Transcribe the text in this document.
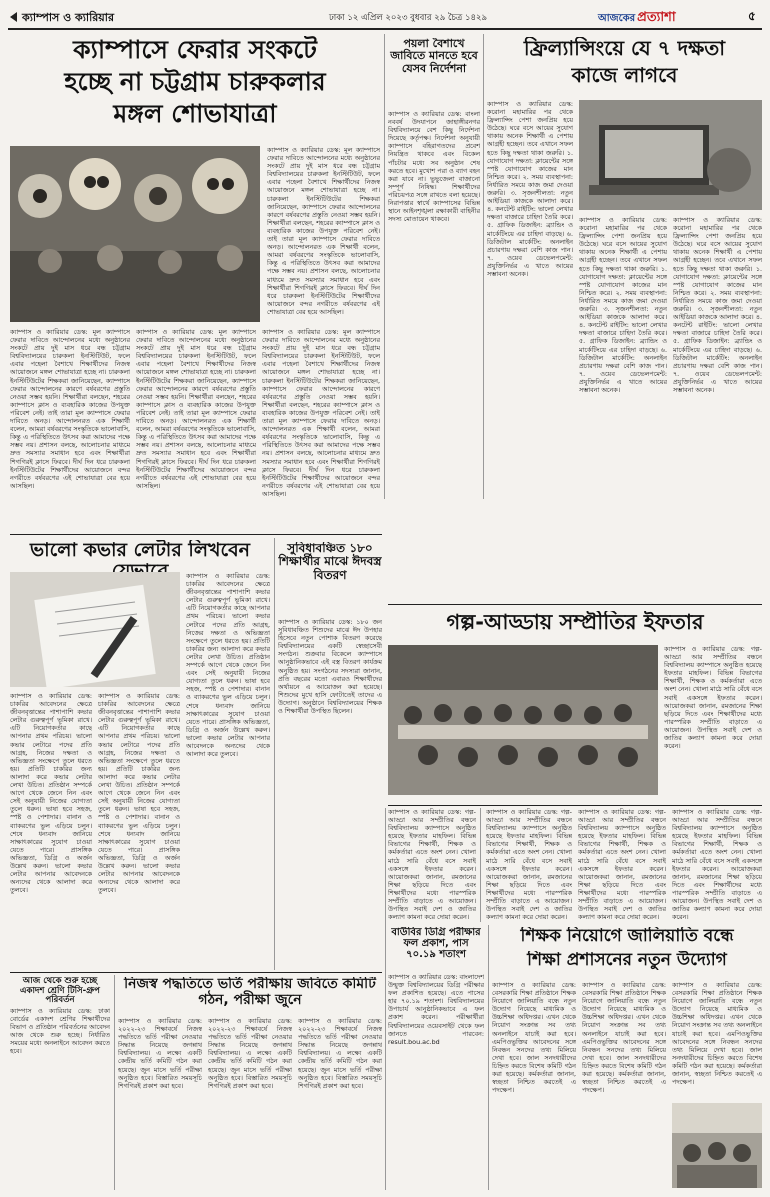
ক্যাম্পাস ও ক্যারিয়ার	ঢাকা ১২ এপ্রিল ২০২৩ বুধবার ২৯ চৈত্র ১৪২৯	আজকের প্রত্যাশা	৫
ক্যাম্পাসে ফেরার সংকটে
হচ্ছে না চট্টগ্রাম চারুকলার
মঙ্গল শোভাযাত্রা
ক্যাম্পাস ও ক্যারিয়ার ডেস্ক: মূল ক্যাম্পাসে ফেরার দাবিতে আন্দোলনের মধ্যে অনুষ্ঠানের সংকটে প্রায় দুই মাস ধরে বন্ধ চট্টগ্রাম বিশ্ববিদ্যালয়ের চারুকলা ইনস্টিটিউট, ফলে এবার পহেলা বৈশাখে শিক্ষার্থীদের নিজস্ব আয়োজনে মঙ্গল শোভাযাত্রা হচ্ছে না। চারুকলা ইনস্টিটিউটের শিক্ষকরা জানিয়েছেন, ক্যাম্পাসে ফেরার আন্দোলনের কারণে বর্ষবরণের প্রস্তুতি নেওয়া সম্ভব হয়নি। শিক্ষার্থীরা বলছেন, শহরের ক্যাম্পাসে ক্লাস ও ব্যবহারিক কাজের উপযুক্ত পরিবেশ নেই। তাই তারা মূল ক্যাম্পাসে ফেরার দাবিতে অনড়। আন্দোলনরত এক শিক্ষার্থী বলেন, আমরা বর্ষবরণের সংস্কৃতিকে ভালোবাসি, কিন্তু এ পরিস্থিতিতে উৎসব করা আমাদের পক্ষে সম্ভব নয়। প্রশাসন বলছে, আলোচনার মাধ্যমে দ্রুত সমস্যার সমাধান হবে এবং শিক্ষার্থীরা শিগগিরই ক্লাসে ফিরবে। দীর্ঘ দিন ধরে চারুকলা ইনস্টিটিউটের শিক্ষার্থীদের আয়োজনে বন্দর নগরীতে বর্ষবরণের এই শোভাযাত্রা বের হয়ে আসছিল।
ক্যাম্পাস ও ক্যারিয়ার ডেস্ক: মূল ক্যাম্পাসে ফেরার দাবিতে আন্দোলনের মধ্যে অনুষ্ঠানের সংকটে প্রায় দুই মাস ধরে বন্ধ চট্টগ্রাম বিশ্ববিদ্যালয়ের চারুকলা ইনস্টিটিউট, ফলে এবার পহেলা বৈশাখে শিক্ষার্থীদের নিজস্ব আয়োজনে মঙ্গল শোভাযাত্রা হচ্ছে না। চারুকলা ইনস্টিটিউটের শিক্ষকরা জানিয়েছেন, ক্যাম্পাসে ফেরার আন্দোলনের কারণে বর্ষবরণের প্রস্তুতি নেওয়া সম্ভব হয়নি। শিক্ষার্থীরা বলছেন, শহরের ক্যাম্পাসে ক্লাস ও ব্যবহারিক কাজের উপযুক্ত পরিবেশ নেই। তাই তারা মূল ক্যাম্পাসে ফেরার দাবিতে অনড়। আন্দোলনরত এক শিক্ষার্থী বলেন, আমরা বর্ষবরণের সংস্কৃতিকে ভালোবাসি, কিন্তু এ পরিস্থিতিতে উৎসব করা আমাদের পক্ষে সম্ভব নয়। প্রশাসন বলছে, আলোচনার মাধ্যমে দ্রুত সমস্যার সমাধান হবে এবং শিক্ষার্থীরা শিগগিরই ক্লাসে ফিরবে। দীর্ঘ দিন ধরে চারুকলা ইনস্টিটিউটের শিক্ষার্থীদের আয়োজনে বন্দর নগরীতে বর্ষবরণের এই শোভাযাত্রা বের হয়ে আসছিল।
ক্যাম্পাস ও ক্যারিয়ার ডেস্ক: মূল ক্যাম্পাসে ফেরার দাবিতে আন্দোলনের মধ্যে অনুষ্ঠানের সংকটে প্রায় দুই মাস ধরে বন্ধ চট্টগ্রাম বিশ্ববিদ্যালয়ের চারুকলা ইনস্টিটিউট, ফলে এবার পহেলা বৈশাখে শিক্ষার্থীদের নিজস্ব আয়োজনে মঙ্গল শোভাযাত্রা হচ্ছে না। চারুকলা ইনস্টিটিউটের শিক্ষকরা জানিয়েছেন, ক্যাম্পাসে ফেরার আন্দোলনের কারণে বর্ষবরণের প্রস্তুতি নেওয়া সম্ভব হয়নি। শিক্ষার্থীরা বলছেন, শহরের ক্যাম্পাসে ক্লাস ও ব্যবহারিক কাজের উপযুক্ত পরিবেশ নেই। তাই তারা মূল ক্যাম্পাসে ফেরার দাবিতে অনড়। আন্দোলনরত এক শিক্ষার্থী বলেন, আমরা বর্ষবরণের সংস্কৃতিকে ভালোবাসি, কিন্তু এ পরিস্থিতিতে উৎসব করা আমাদের পক্ষে সম্ভব নয়। প্রশাসন বলছে, আলোচনার মাধ্যমে দ্রুত সমস্যার সমাধান হবে এবং শিক্ষার্থীরা শিগগিরই ক্লাসে ফিরবে। দীর্ঘ দিন ধরে চারুকলা ইনস্টিটিউটের শিক্ষার্থীদের আয়োজনে বন্দর নগরীতে বর্ষবরণের এই শোভাযাত্রা বের হয়ে আসছিল।
ক্যাম্পাস ও ক্যারিয়ার ডেস্ক: মূল ক্যাম্পাসে ফেরার দাবিতে আন্দোলনের মধ্যে অনুষ্ঠানের সংকটে প্রায় দুই মাস ধরে বন্ধ চট্টগ্রাম বিশ্ববিদ্যালয়ের চারুকলা ইনস্টিটিউট, ফলে এবার পহেলা বৈশাখে শিক্ষার্থীদের নিজস্ব আয়োজনে মঙ্গল শোভাযাত্রা হচ্ছে না। চারুকলা ইনস্টিটিউটের শিক্ষকরা জানিয়েছেন, ক্যাম্পাসে ফেরার আন্দোলনের কারণে বর্ষবরণের প্রস্তুতি নেওয়া সম্ভব হয়নি। শিক্ষার্থীরা বলছেন, শহরের ক্যাম্পাসে ক্লাস ও ব্যবহারিক কাজের উপযুক্ত পরিবেশ নেই। তাই তারা মূল ক্যাম্পাসে ফেরার দাবিতে অনড়। আন্দোলনরত এক শিক্ষার্থী বলেন, আমরা বর্ষবরণের সংস্কৃতিকে ভালোবাসি, কিন্তু এ পরিস্থিতিতে উৎসব করা আমাদের পক্ষে সম্ভব নয়। প্রশাসন বলছে, আলোচনার মাধ্যমে দ্রুত সমস্যার সমাধান হবে এবং শিক্ষার্থীরা শিগগিরই ক্লাসে ফিরবে। দীর্ঘ দিন ধরে চারুকলা ইনস্টিটিউটের শিক্ষার্থীদের আয়োজনে বন্দর নগরীতে বর্ষবরণের এই শোভাযাত্রা বের হয়ে আসছিল।
পয়লা বৈশাখে জাবিতে মানতে হবে যেসব নির্দেশনা
ক্যাম্পাস ও ক্যারিয়ার ডেস্ক: বাংলা নববর্ষ উদযাপনে জাহাঙ্গীরনগর বিশ্ববিদ্যালয়ে বেশ কিছু নির্দেশনা দিয়েছে কর্তৃপক্ষ। নির্দেশনা অনুযায়ী ক্যাম্পাসে বহিরাগতদের প্রবেশ নিয়ন্ত্রিত থাকবে এবং বিকেল পাঁচটার মধ্যে সব অনুষ্ঠান শেষ করতে হবে। মুখোশ পরা ও ব্যাগ বহন করা যাবে না। ভুভুজেলা বাজানো সম্পূর্ণ নিষিদ্ধ। শিক্ষার্থীদের পরিচয়পত্র সঙ্গে রাখতে বলা হয়েছে। নিরাপত্তার স্বার্থে ক্যাম্পাসের বিভিন্ন স্থানে আইনশৃঙ্খলা রক্ষাকারী বাহিনীর সদস্য মোতায়েন থাকবে।
ফ্রিল্যান্সিংয়ে যে ৭ দক্ষতা
কাজে লাগবে
ক্যাম্পাস ও ক্যারিয়ার ডেস্ক: করোনা মহামারির পর থেকে ফ্রিল্যান্সিং পেশা জনপ্রিয় হয়ে উঠেছে। ঘরে বসে আয়ের সুযোগ থাকায় অনেক শিক্ষার্থী এ পেশায় আগ্রহী হচ্ছেন। তবে এখানে সফল হতে কিছু দক্ষতা থাকা জরুরি। ১. যোগাযোগ দক্ষতা: ক্লায়েন্টের সঙ্গে স্পষ্ট যোগাযোগ কাজের মান নিশ্চিত করে। ২. সময় ব্যবস্থাপনা: নির্ধারিত সময়ে কাজ জমা দেওয়া জরুরি। ৩. সৃজনশীলতা: নতুন আইডিয়া কাজকে আলাদা করে। ৪. কনটেন্ট রাইটিং: ভালো লেখার দক্ষতা বাজারে চাহিদা তৈরি করে। ৫. গ্রাফিক ডিজাইন: ব্র্যান্ডিং ও মার্কেটিংয়ে এর চাহিদা বাড়ছে। ৬. ডিজিটাল মার্কেটিং: অনলাইন প্রচারণায় দক্ষরা বেশি কাজ পান। ৭. ওয়েব ডেভেলপমেন্ট: প্রযুক্তিনির্ভর এ খাতে আয়ের সম্ভাবনা অনেক।
ক্যাম্পাস ও ক্যারিয়ার ডেস্ক: করোনা মহামারির পর থেকে ফ্রিল্যান্সিং পেশা জনপ্রিয় হয়ে উঠেছে। ঘরে বসে আয়ের সুযোগ থাকায় অনেক শিক্ষার্থী এ পেশায় আগ্রহী হচ্ছেন। তবে এখানে সফল হতে কিছু দক্ষতা থাকা জরুরি। ১. যোগাযোগ দক্ষতা: ক্লায়েন্টের সঙ্গে স্পষ্ট যোগাযোগ কাজের মান নিশ্চিত করে। ২. সময় ব্যবস্থাপনা: নির্ধারিত সময়ে কাজ জমা দেওয়া জরুরি। ৩. সৃজনশীলতা: নতুন আইডিয়া কাজকে আলাদা করে। ৪. কনটেন্ট রাইটিং: ভালো লেখার দক্ষতা বাজারে চাহিদা তৈরি করে। ৫. গ্রাফিক ডিজাইন: ব্র্যান্ডিং ও মার্কেটিংয়ে এর চাহিদা বাড়ছে। ৬. ডিজিটাল মার্কেটিং: অনলাইন প্রচারণায় দক্ষরা বেশি কাজ পান। ৭. ওয়েব ডেভেলপমেন্ট: প্রযুক্তিনির্ভর এ খাতে আয়ের সম্ভাবনা অনেক।
ক্যাম্পাস ও ক্যারিয়ার ডেস্ক: করোনা মহামারির পর থেকে ফ্রিল্যান্সিং পেশা জনপ্রিয় হয়ে উঠেছে। ঘরে বসে আয়ের সুযোগ থাকায় অনেক শিক্ষার্থী এ পেশায় আগ্রহী হচ্ছেন। তবে এখানে সফল হতে কিছু দক্ষতা থাকা জরুরি। ১. যোগাযোগ দক্ষতা: ক্লায়েন্টের সঙ্গে স্পষ্ট যোগাযোগ কাজের মান নিশ্চিত করে। ২. সময় ব্যবস্থাপনা: নির্ধারিত সময়ে কাজ জমা দেওয়া জরুরি। ৩. সৃজনশীলতা: নতুন আইডিয়া কাজকে আলাদা করে। ৪. কনটেন্ট রাইটিং: ভালো লেখার দক্ষতা বাজারে চাহিদা তৈরি করে। ৫. গ্রাফিক ডিজাইন: ব্র্যান্ডিং ও মার্কেটিংয়ে এর চাহিদা বাড়ছে। ৬. ডিজিটাল মার্কেটিং: অনলাইন প্রচারণায় দক্ষরা বেশি কাজ পান। ৭. ওয়েব ডেভেলপমেন্ট: প্রযুক্তিনির্ভর এ খাতে আয়ের সম্ভাবনা অনেক।
ভালো কভার লেটার লিখবেন
ক্যাম্পাস ও ক্যারিয়ার ডেস্ক: চাকরির আবেদনের ক্ষেত্রে জীবনবৃত্তান্তের পাশাপাশি কভার লেটার গুরুত্বপূর্ণ ভূমিকা রাখে। এটি নিয়োগকর্তার কাছে আপনার প্রথম পরিচয়। ভালো কভার লেটারে পদের প্রতি আগ্রহ, নিজের দক্ষতা ও অভিজ্ঞতা সংক্ষেপে তুলে ধরতে হয়। প্রতিটি চাকরির জন্য আলাদা করে কভার লেটার লেখা উচিত। প্রতিষ্ঠান সম্পর্কে আগে থেকে জেনে নিন এবং সেই অনুযায়ী নিজের যোগ্যতা তুলে ধরুন। ভাষা হবে সহজ, স্পষ্ট ও পেশাদার। বানান ও ব্যাকরণের ভুল এড়িয়ে চলুন। শেষে ধন্যবাদ জানিয়ে সাক্ষাৎকারের সুযোগ চাওয়া যেতে পারে। প্রাসঙ্গিক অভিজ্ঞতা, ডিগ্রি ও অর্জন উল্লেখ করুন। ভালো কভার লেটার আপনার আবেদনকে অন্যদের থেকে আলাদা করে তুলবে।
ক্যাম্পাস ও ক্যারিয়ার ডেস্ক: চাকরির আবেদনের ক্ষেত্রে জীবনবৃত্তান্তের পাশাপাশি কভার লেটার গুরুত্বপূর্ণ ভূমিকা রাখে। এটি নিয়োগকর্তার কাছে আপনার প্রথম পরিচয়। ভালো কভার লেটারে পদের প্রতি আগ্রহ, নিজের দক্ষতা ও অভিজ্ঞতা সংক্ষেপে তুলে ধরতে হয়। প্রতিটি চাকরির জন্য আলাদা করে কভার লেটার লেখা উচিত। প্রতিষ্ঠান সম্পর্কে আগে থেকে জেনে নিন এবং সেই অনুযায়ী নিজের যোগ্যতা তুলে ধরুন। ভাষা হবে সহজ, স্পষ্ট ও পেশাদার। বানান ও ব্যাকরণের ভুল এড়িয়ে চলুন। শেষে ধন্যবাদ জানিয়ে সাক্ষাৎকারের সুযোগ চাওয়া যেতে পারে। প্রাসঙ্গিক অভিজ্ঞতা, ডিগ্রি ও অর্জন উল্লেখ করুন। ভালো কভার লেটার আপনার আবেদনকে অন্যদের থেকে আলাদা করে তুলবে।
ক্যাম্পাস ও ক্যারিয়ার ডেস্ক: চাকরির আবেদনের ক্ষেত্রে জীবনবৃত্তান্তের পাশাপাশি কভার লেটার গুরুত্বপূর্ণ ভূমিকা রাখে। এটি নিয়োগকর্তার কাছে আপনার প্রথম পরিচয়। ভালো কভার লেটারে পদের প্রতি আগ্রহ, নিজের দক্ষতা ও অভিজ্ঞতা সংক্ষেপে তুলে ধরতে হয়। প্রতিটি চাকরির জন্য আলাদা করে কভার লেটার লেখা উচিত। প্রতিষ্ঠান সম্পর্কে আগে থেকে জেনে নিন এবং সেই অনুযায়ী নিজের যোগ্যতা তুলে ধরুন। ভাষা হবে সহজ, স্পষ্ট ও পেশাদার। বানান ও ব্যাকরণের ভুল এড়িয়ে চলুন। শেষে ধন্যবাদ জানিয়ে সাক্ষাৎকারের সুযোগ চাওয়া যেতে পারে। প্রাসঙ্গিক অভিজ্ঞতা, ডিগ্রি ও অর্জন উল্লেখ করুন। ভালো কভার লেটার আপনার আবেদনকে অন্যদের থেকে আলাদা করে তুলবে।
সুবিধাবঞ্চিত ১৮০ শিক্ষার্থীর মাঝে ঈদবস্ত্র বিতরণ
ক্যাম্পাস ও ক্যারিয়ার ডেস্ক: ১৮০ জন সুবিধাবঞ্চিত শিশুদের মাঝে ঈদ উপহার হিসেবে নতুন পোশাক বিতরণ করেছে বিশ্ববিদ্যালয়ের একটি স্বেচ্ছাসেবী সংগঠন। শুক্রবার বিকেলে ক্যাম্পাসে আনুষ্ঠানিকভাবে এই বস্ত্র বিতরণ কার্যক্রম অনুষ্ঠিত হয়। সংগঠনের সদস্যরা জানান, প্রতি বছরের মতো এবারও শিক্ষার্থীদের অর্থায়নে এ আয়োজন করা হয়েছে। শিশুদের মুখে হাসি ফোটাতেই তাদের এ উদ্যোগ। অনুষ্ঠানে বিশ্ববিদ্যালয়ের শিক্ষক ও শিক্ষার্থীরা উপস্থিত ছিলেন।
গল্প-আড্ডায় সম্প্রীতির ইফতার
ক্যাম্পাস ও ক্যারিয়ার ডেস্ক: গল্প-আড্ডা আর সম্প্রীতির বন্ধনে বিশ্ববিদ্যালয় ক্যাম্পাসে অনুষ্ঠিত হয়েছে ইফতার মাহফিল। বিভিন্ন বিভাগের শিক্ষার্থী, শিক্ষক ও কর্মকর্তারা এতে অংশ নেন। খোলা মাঠে সারি বেঁধে বসে সবাই একসঙ্গে ইফতার করেন। আয়োজকরা জানান, রমজানের শিক্ষা ছড়িয়ে দিতে এবং শিক্ষার্থীদের মধ্যে পারস্পরিক সম্প্রীতি বাড়াতে এ আয়োজন। উপস্থিত সবাই দেশ ও জাতির কল্যাণ কামনা করে দোয়া করেন।
ক্যাম্পাস ও ক্যারিয়ার ডেস্ক: গল্প-আড্ডা আর সম্প্রীতির বন্ধনে বিশ্ববিদ্যালয় ক্যাম্পাসে অনুষ্ঠিত হয়েছে ইফতার মাহফিল। বিভিন্ন বিভাগের শিক্ষার্থী, শিক্ষক ও কর্মকর্তারা এতে অংশ নেন। খোলা মাঠে সারি বেঁধে বসে সবাই একসঙ্গে ইফতার করেন। আয়োজকরা জানান, রমজানের শিক্ষা ছড়িয়ে দিতে এবং শিক্ষার্থীদের মধ্যে পারস্পরিক সম্প্রীতি বাড়াতে এ আয়োজন। উপস্থিত সবাই দেশ ও জাতির কল্যাণ কামনা করে দোয়া করেন।
বাউবির ডিগ্রি পরীক্ষার ফল প্রকাশ, পাস ৭০.১৯ শতাংশ
ক্যাম্পাস ও ক্যারিয়ার ডেস্ক: বাংলাদেশ উন্মুক্ত বিশ্ববিদ্যালয়ের ডিগ্রি পরীক্ষার ফল প্রকাশিত হয়েছে। এতে পাসের হার ৭০.১৯ শতাংশ। বিশ্ববিদ্যালয়ের উপাচার্য আনুষ্ঠানিকভাবে এ ফল প্রকাশ করেন। পরীক্ষার্থীরা বিশ্ববিদ্যালয়ের ওয়েবসাইট থেকে ফল জানতে পারবেন: result.bou.ac.bd
ক্যাম্পাস ও ক্যারিয়ার ডেস্ক: গল্প-আড্ডা আর সম্প্রীতির বন্ধনে বিশ্ববিদ্যালয় ক্যাম্পাসে অনুষ্ঠিত হয়েছে ইফতার মাহফিল। বিভিন্ন বিভাগের শিক্ষার্থী, শিক্ষক ও কর্মকর্তারা এতে অংশ নেন। খোলা মাঠে সারি বেঁধে বসে সবাই একসঙ্গে ইফতার করেন। আয়োজকরা জানান, রমজানের শিক্ষা ছড়িয়ে দিতে এবং শিক্ষার্থীদের মধ্যে পারস্পরিক সম্প্রীতি বাড়াতে এ আয়োজন। উপস্থিত সবাই দেশ ও জাতির কল্যাণ কামনা করে দোয়া করেন।
ক্যাম্পাস ও ক্যারিয়ার ডেস্ক: গল্প-আড্ডা আর সম্প্রীতির বন্ধনে বিশ্ববিদ্যালয় ক্যাম্পাসে অনুষ্ঠিত হয়েছে ইফতার মাহফিল। বিভিন্ন বিভাগের শিক্ষার্থী, শিক্ষক ও কর্মকর্তারা এতে অংশ নেন। খোলা মাঠে সারি বেঁধে বসে সবাই একসঙ্গে ইফতার করেন। আয়োজকরা জানান, রমজানের শিক্ষা ছড়িয়ে দিতে এবং শিক্ষার্থীদের মধ্যে পারস্পরিক সম্প্রীতি বাড়াতে এ আয়োজন। উপস্থিত সবাই দেশ ও জাতির কল্যাণ কামনা করে দোয়া করেন।
ক্যাম্পাস ও ক্যারিয়ার ডেস্ক: গল্প-আড্ডা আর সম্প্রীতির বন্ধনে বিশ্ববিদ্যালয় ক্যাম্পাসে অনুষ্ঠিত হয়েছে ইফতার মাহফিল। বিভিন্ন বিভাগের শিক্ষার্থী, শিক্ষক ও কর্মকর্তারা এতে অংশ নেন। খোলা মাঠে সারি বেঁধে বসে সবাই একসঙ্গে ইফতার করেন। আয়োজকরা জানান, রমজানের শিক্ষা ছড়িয়ে দিতে এবং শিক্ষার্থীদের মধ্যে পারস্পরিক সম্প্রীতি বাড়াতে এ আয়োজন। উপস্থিত সবাই দেশ ও জাতির কল্যাণ কামনা করে দোয়া করেন।
শিক্ষক নিয়োগে জালিয়াতি বন্ধে
শিক্ষা প্রশাসনের নতুন উদ্যোগ
ক্যাম্পাস ও ক্যারিয়ার ডেস্ক: বেসরকারি শিক্ষা প্রতিষ্ঠানে শিক্ষক নিয়োগে জালিয়াতি বন্ধে নতুন উদ্যোগ নিয়েছে মাধ্যমিক ও উচ্চশিক্ষা অধিদপ্তর। এখন থেকে নিয়োগ সংক্রান্ত সব তথ্য অনলাইনে যাচাই করা হবে। এমপিওভুক্তির আবেদনের সঙ্গে নিবন্ধন সনদের তথ্য মিলিয়ে দেখা হবে। জাল সনদধারীদের চিহ্নিত করতে বিশেষ কমিটি গঠন করা হয়েছে। কর্মকর্তারা জানান, স্বচ্ছতা নিশ্চিত করতেই এ পদক্ষেপ।
ক্যাম্পাস ও ক্যারিয়ার ডেস্ক: বেসরকারি শিক্ষা প্রতিষ্ঠানে শিক্ষক নিয়োগে জালিয়াতি বন্ধে নতুন উদ্যোগ নিয়েছে মাধ্যমিক ও উচ্চশিক্ষা অধিদপ্তর। এখন থেকে নিয়োগ সংক্রান্ত সব তথ্য অনলাইনে যাচাই করা হবে। এমপিওভুক্তির আবেদনের সঙ্গে নিবন্ধন সনদের তথ্য মিলিয়ে দেখা হবে। জাল সনদধারীদের চিহ্নিত করতে বিশেষ কমিটি গঠন করা হয়েছে। কর্মকর্তারা জানান, স্বচ্ছতা নিশ্চিত করতেই এ পদক্ষেপ।
ক্যাম্পাস ও ক্যারিয়ার ডেস্ক: বেসরকারি শিক্ষা প্রতিষ্ঠানে শিক্ষক নিয়োগে জালিয়াতি বন্ধে নতুন উদ্যোগ নিয়েছে মাধ্যমিক ও উচ্চশিক্ষা অধিদপ্তর। এখন থেকে নিয়োগ সংক্রান্ত সব তথ্য অনলাইনে যাচাই করা হবে। এমপিওভুক্তির আবেদনের সঙ্গে নিবন্ধন সনদের তথ্য মিলিয়ে দেখা হবে। জাল সনদধারীদের চিহ্নিত করতে বিশেষ কমিটি গঠন করা হয়েছে। কর্মকর্তারা জানান, স্বচ্ছতা নিশ্চিত করতেই এ পদক্ষেপ।
আজ থেকে শুরু হচ্ছে একাদশ শ্রেণি টিসি-গ্রুপ পরিবর্তন
ক্যাম্পাস ও ক্যারিয়ার ডেস্ক: ঢাকা বোর্ডের একাদশ শ্রেণির শিক্ষার্থীদের বিভাগ ও প্রতিষ্ঠান পরিবর্তনের আবেদন আজ থেকে শুরু হচ্ছে। নির্ধারিত সময়ের মধ্যে অনলাইনে আবেদন করতে হবে।
নিজস্ব পদ্ধতিতে ভর্তি পরীক্ষায় জবিতে কমিটি গঠন, পরীক্ষা জুনে
ক্যাম্পাস ও ক্যারিয়ার ডেস্ক: ২০২২-২৩ শিক্ষাবর্ষে নিজস্ব পদ্ধতিতে ভর্তি পরীক্ষা নেওয়ার সিদ্ধান্ত নিয়েছে জগন্নাথ বিশ্ববিদ্যালয়। এ লক্ষ্যে একটি কেন্দ্রীয় ভর্তি কমিটি গঠন করা হয়েছে। জুন মাসে ভর্তি পরীক্ষা অনুষ্ঠিত হবে। বিস্তারিত সময়সূচি শিগগিরই প্রকাশ করা হবে।
ক্যাম্পাস ও ক্যারিয়ার ডেস্ক: ২০২২-২৩ শিক্ষাবর্ষে নিজস্ব পদ্ধতিতে ভর্তি পরীক্ষা নেওয়ার সিদ্ধান্ত নিয়েছে জগন্নাথ বিশ্ববিদ্যালয়। এ লক্ষ্যে একটি কেন্দ্রীয় ভর্তি কমিটি গঠন করা হয়েছে। জুন মাসে ভর্তি পরীক্ষা অনুষ্ঠিত হবে। বিস্তারিত সময়সূচি শিগগিরই প্রকাশ করা হবে।
ক্যাম্পাস ও ক্যারিয়ার ডেস্ক: ২০২২-২৩ শিক্ষাবর্ষে নিজস্ব পদ্ধতিতে ভর্তি পরীক্ষা নেওয়ার সিদ্ধান্ত নিয়েছে জগন্নাথ বিশ্ববিদ্যালয়। এ লক্ষ্যে একটি কেন্দ্রীয় ভর্তি কমিটি গঠন করা হয়েছে। জুন মাসে ভর্তি পরীক্ষা অনুষ্ঠিত হবে। বিস্তারিত সময়সূচি শিগগিরই প্রকাশ করা হবে।
